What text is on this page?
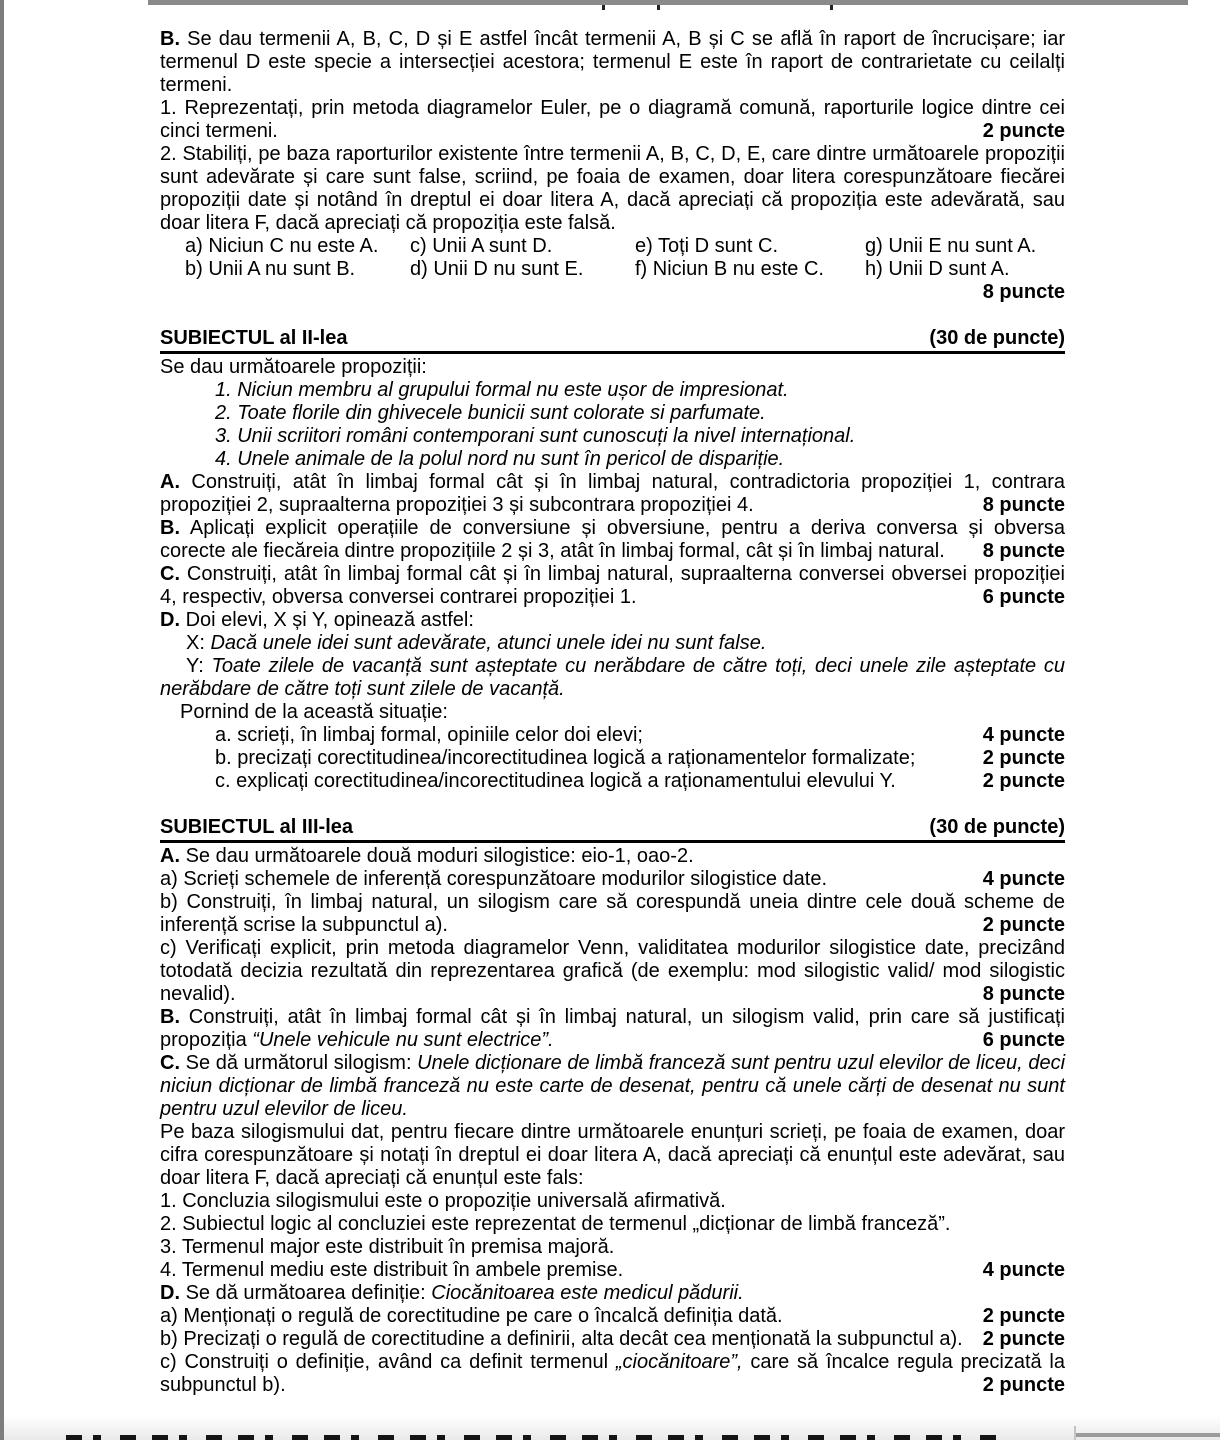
B. Se dau termenii A, B, C, D și E astfel încât termenii A, B și C se află în raport de încrucișare; iar termenul D este specie a intersecției acestora; termenul E este în raport de contrarietate cu ceilalți termeni.
1. Reprezentați, prin metoda diagramelor Euler, pe o diagramă comună, raporturile logice dintre cei cinci termeni.	2 puncte
2. Stabiliți, pe baza raporturilor existente între termenii A, B, C, D, E, care dintre următoarele propoziții sunt adevărate și care sunt false, scriind, pe foaia de examen, doar litera corespunzătoare fiecărei propoziții date și notând în dreptul ei doar litera A, dacă apreciați că propoziția este adevărată, sau doar litera F, dacă apreciați că propoziția este falsă.
a) Niciun C nu este A.	c) Unii A sunt D.	e) Toți D sunt C.	g) Unii E nu sunt A.
b) Unii A nu sunt B.	d) Unii D nu sunt E.	f) Niciun B nu este C.	h) Unii D sunt A.
8 puncte
SUBIECTUL al II-lea	(30 de puncte)
Se dau următoarele propoziții:
1. Niciun membru al grupului formal nu este ușor de impresionat.
2. Toate florile din ghivecele bunicii sunt colorate si parfumate.
3. Unii scriitori români contemporani sunt cunoscuți la nivel internațional.
4. Unele animale de la polul nord nu sunt în pericol de dispariție.
A. Construiți, atât în limbaj formal cât și în limbaj natural, contradictoria propoziției 1, contrara propoziției 2, supraalterna propoziției 3 și subcontrara propoziției 4.	8 puncte
B. Aplicați explicit operațiile de conversiune și obversiune, pentru a deriva conversa și obversa corecte ale fiecăreia dintre propozițiile 2 și 3, atât în limbaj formal, cât și în limbaj natural. 8 puncte
C. Construiți, atât în limbaj formal cât și în limbaj natural, supraalterna conversei obversei propoziției 4, respectiv, obversa conversei contrarei propoziției 1.	6 puncte
D. Doi elevi, X și Y, opinează astfel:
X: Dacă unele idei sunt adevărate, atunci unele idei nu sunt false.
Y: Toate zilele de vacanță sunt așteptate cu nerăbdare de către toți, deci unele zile așteptate cu nerăbdare de către toți sunt zilele de vacanță.
Pornind de la această situație:
a. scrieți, în limbaj formal, opiniile celor doi elevi;	4 puncte
b. precizați corectitudinea/incorectitudinea logică a raționamentelor formalizate;	2 puncte
c. explicați corectitudinea/incorectitudinea logică a raționamentului elevului Y.	2 puncte
SUBIECTUL al III-lea	(30 de puncte)
A. Se dau următoarele două moduri silogistice: eio-1, oao-2.
a) Scrieți schemele de inferență corespunzătoare modurilor silogistice date.	4 puncte
b) Construiți, în limbaj natural, un silogism care să corespundă uneia dintre cele două scheme de inferență scrise la subpunctul a).	2 puncte
c) Verificați explicit, prin metoda diagramelor Venn, validitatea modurilor silogistice date, precizând totodată decizia rezultată din reprezentarea grafică (de exemplu: mod silogistic valid/ mod silogistic nevalid).	8 puncte
B. Construiți, atât în limbaj formal cât și în limbaj natural, un silogism valid, prin care să justificați propoziția “Unele vehicule nu sunt electrice”.	6 puncte
C. Se dă următorul silogism: Unele dicționare de limbă franceză sunt pentru uzul elevilor de liceu, deci niciun dicționar de limbă franceză nu este carte de desenat, pentru că unele cărți de desenat nu sunt pentru uzul elevilor de liceu.
Pe baza silogismului dat, pentru fiecare dintre următoarele enunțuri scrieți, pe foaia de examen, doar cifra corespunzătoare și notați în dreptul ei doar litera A, dacă apreciați că enunțul este adevărat, sau doar litera F, dacă apreciați că enunțul este fals:
1. Concluzia silogismului este o propoziție universală afirmativă.
2. Subiectul logic al concluziei este reprezentat de termenul „dicționar de limbă franceză”.
3. Termenul major este distribuit în premisa majoră.
4. Termenul mediu este distribuit în ambele premise.	4 puncte
D. Se dă următoarea definiție: Ciocănitoarea este medicul pădurii.
a) Menționați o regulă de corectitudine pe care o încalcă definiția dată.	2 puncte
b) Precizați o regulă de corectitudine a definirii, alta decât cea menționată la subpunctul a). 2 puncte
c) Construiți o definiție, având ca definit termenul „ciocănitoare”, care să încalce regula precizată la subpunctul b).	2 puncte
